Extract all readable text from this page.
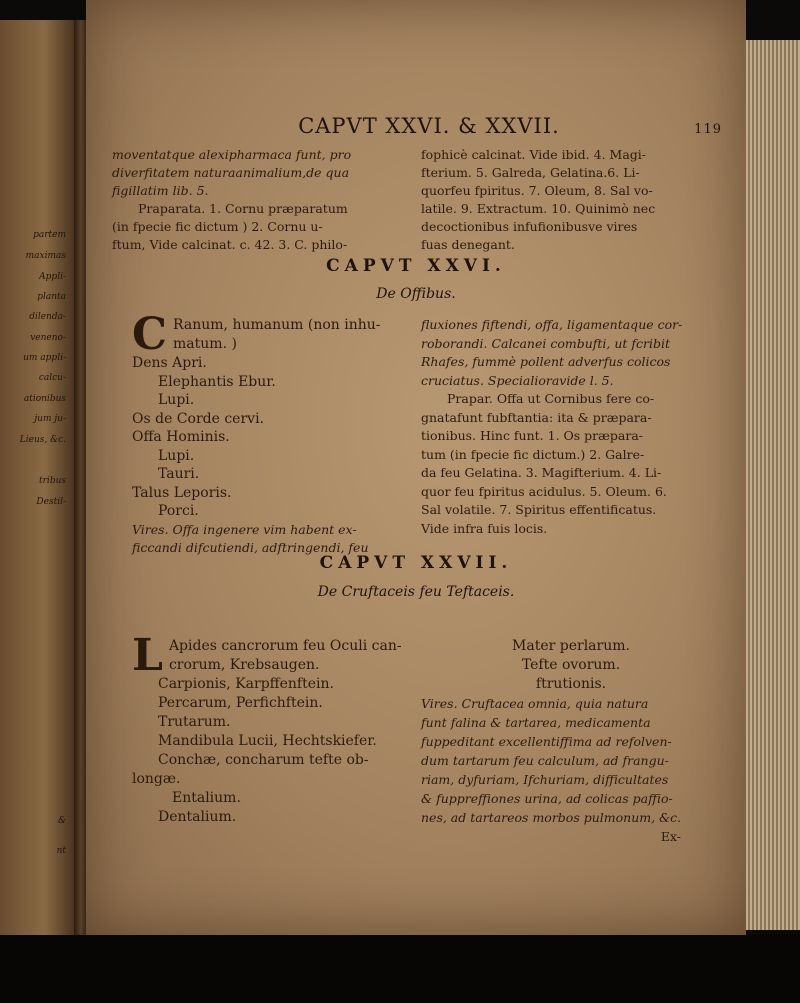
partem
maximas
Appli-
planta
dilenda-
veneno-
um appli-
calcu-
ationibus
jum ju-
Lieus, &c.
tribus
Destil-
&
nt
CAPVT XXVI. & XXVII.	119

moventatque alexipharmaca funt, pro

diverfitatem naturaanimalium,de qua

figillatim lib. 5.

Praparata. 1. Cornu præparatum

(in fpecie fic dictum ) 2. Cornu u-

ftum, Vide calcinat. c. 42. 3. C. philo-

fophicè calcinat. Vide ibid. 4. Magi-

fterium. 5. Galreda, Gelatina.6. Li-

quorfeu fpiritus. 7. Oleum, 8. Sal vo-

latile. 9. Extractum. 10. Quinimò nec

decoctionibus infufionibusve vires

fuas denegant.

CAPVT XXVI.
De Offibus.
C Ranum, humanum (non inhu-

matum. )

Dens Apri.

Elephantis Ebur.

Lupi.

Os de Corde cervi.

Offa Hominis.

Lupi.

Tauri.

Talus Leporis.

Porci.

Vires. Offa ingenere vim habent ex-

ficcandi difcutiendi, adftringendi, feu

fluxiones fiftendi, offa, ligamentaque cor-

roborandi. Calcanei combufti, ut fcribit

Rhafes, fummè pollent adverfus colicos

cruciatus. Specialioravide l. 5.

Prapar. Offa ut Cornibus fere co-

gnatafunt fubftantia: ita & præpara-

tionibus. Hinc funt. 1. Os præpara-

tum (in fpecie fic dictum.) 2. Galre-

da feu Gelatina. 3. Magifterium. 4. Li-

quor feu fpiritus acidulus. 5. Oleum. 6.

Sal volatile. 7. Spiritus effentificatus.

Vide infra fuis locis.

CAPVT XXVII.
De Cruftaceis feu Teftaceis.
L Apides cancrorum feu Oculi can-

crorum, Krebsaugen.

Carpionis, Karpffenftein.

Percarum, Perfichftein.

Trutarum.

Mandibula Lucii, Hechtskiefer.

Conchæ, concharum tefte ob-

longæ.

Entalium.

Dentalium.

Mater perlarum.

Tefte ovorum.

ftrutionis.

Vires. Cruftacea omnia, quia natura

funt falina & tartarea, medicamenta

fuppeditant excellentiffima ad refolven-

dum tartarum feu calculum, ad frangu-

riam, dyfuriam, Ifchuriam, difficultates

& fuppreffiones urina, ad colicas paffio-

nes, ad tartareos morbos pulmonum, &c.

Ex-
